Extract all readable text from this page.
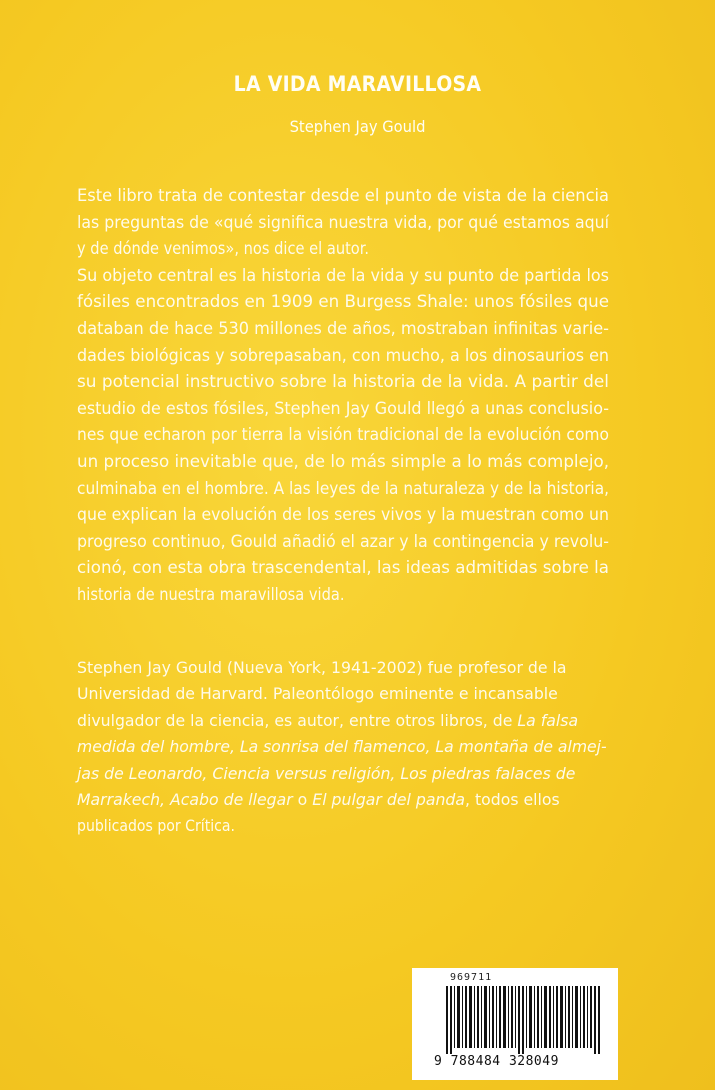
LA VIDA MARAVILLOSA
Stephen Jay Gould
Este libro trata de contestar desde el punto de vista de la ciencia
las preguntas de «qué significa nuestra vida, por qué estamos aquí
y de dónde venimos», nos dice el autor.
Su objeto central es la historia de la vida y su punto de partida los
fósiles encontrados en 1909 en Burgess Shale: unos fósiles que
databan de hace 530 millones de años, mostraban infinitas varie-
dades biológicas y sobrepasaban, con mucho, a los dinosaurios en
su potencial instructivo sobre la historia de la vida. A partir del
estudio de estos fósiles, Stephen Jay Gould llegó a unas conclusio-
nes que echaron por tierra la visión tradicional de la evolución como
un proceso inevitable que, de lo más simple a lo más complejo,
culminaba en el hombre. A las leyes de la naturaleza y de la historia,
que explican la evolución de los seres vivos y la muestran como un
progreso continuo, Gould añadió el azar y la contingencia y revolu-
cionó, con esta obra trascendental, las ideas admitidas sobre la
historia de nuestra maravillosa vida.
Stephen Jay Gould (Nueva York, 1941-2002) fue profesor de la
Universidad de Harvard. Paleontólogo eminente e incansable
divulgador de la ciencia, es autor, entre otros libros, de La falsa
medida del hombre, La sonrisa del flamenco, La montaña de almej-
jas de Leonardo, Ciencia versus religión, Los piedras falaces de
Marrakech, Acabo de llegar o El pulgar del panda, todos ellos
publicados por Crítica.
969711
9 788484 328049
